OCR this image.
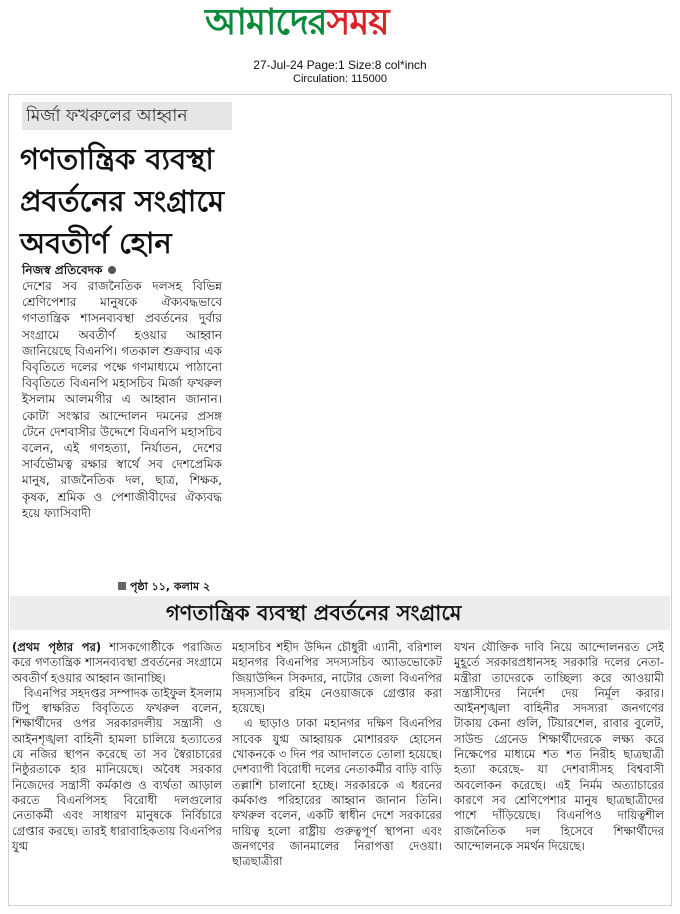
আমাদেরসময়
27-Jul-24 Page:1 Size:8 col*inch
Circulation: 115000
মির্জা ফখরুলের আহ্বান
গণতান্ত্রিক ব্যবস্থা
প্রবর্তনের সংগ্রামে
অবতীর্ণ হোন
নিজস্ব প্রতিবেদক
দেশের সব রাজনৈতিক দলসহ বিভিন্ন শ্রেণিপেশার মানুষকে ঐক্যবদ্ধভাবে গণতান্ত্রিক শাসনব্যবস্থা প্রবর্তনের দুর্বার সংগ্রামে অবতীর্ণ হওয়ার আহ্বান জানিয়েছে বিএনপি। গতকাল শুক্রবার এক বিবৃতিতে দলের পক্ষে গণমাধ্যমে পাঠানো বিবৃতিতে বিএনপি মহাসচিব মির্জা ফখরুল ইসলাম আলমগীর এ আহ্বান জানান। কোটা সংস্কার আন্দোলন দমনের প্রসঙ্গ টেনে দেশবাসীর উদ্দেশে বিএনপি মহাসচিব বলেন, এই গণহত্যা, নির্যাতন, দেশের সার্বভৌমত্ব রক্ষার স্বার্থে সব দেশপ্রেমিক মানুষ, রাজনৈতিক দল, ছাত্র, শিক্ষক, কৃষক, শ্রমিক ও পেশাজীবীদের ঐক্যবদ্ধ হয়ে ফ্যাসিবাদী
পৃষ্ঠা ১১, কলাম ২
গণতান্ত্রিক ব্যবস্থা প্রবর্তনের সংগ্রামে

(প্রথম পৃষ্ঠার পর) শাসকগোষ্ঠীকে পরাজিত করে গণতান্ত্রিক শাসনব্যবস্থা প্রবর্তনের সংগ্রামে অবতীর্ণ হওয়ার আহ্বান জানাচ্ছি।

বিএনপির সহদপ্তর সম্পাদক তাইফুল ইসলাম টিপু স্বাক্ষরিত বিবৃতিতে ফখরুল বলেন, শিক্ষার্থীদের ওপর সরকারদলীয় সন্ত্রাসী ও আইনশৃঙ্খলা বাহিনী হামলা চালিয়ে হত্যাতের যে নজির স্থাপন করেছে তা সব স্বৈরাচারের নিষ্ঠুরতাকে হার মানিয়েছে। অবৈধ সরকার নিজেদের সন্ত্রাসী কর্মকাণ্ড ও ব্যর্থতা আড়াল করতে বিএনপিসহ বিরোধী দলগুলোর নেতাকর্মী এবং সাধারণ মানুষকে নির্বিচারে গ্রেপ্তার করছে। তারই ধারাবাহিকতায় বিএনপির যুগ্ম

মহাসচিব শহীদ উদ্দিন চৌধুরী এ্যানী, বরিশাল মহানগর বিএনপির সদস্যসচিব অ্যাডভোকেট জিয়াউদ্দিন সিকদার, নাটোর জেলা বিএনপির সদস্যসচিব রহিম নেওয়াজকে গ্রেপ্তার করা হয়েছে।

এ ছাড়াও ঢাকা মহানগর দক্ষিণ বিএনপির সাবেক যুগ্ম আহ্বায়ক মোশাররফ হোসেন খোকনকে ৩ দিন পর আদালতে তোলা হয়েছে। দেশব্যাপী বিরোধী দলের নেতাকর্মীর বাড়ি বাড়ি তল্লাশি চালানো হচ্ছে। সরকারকে এ ধরনের কর্মকাণ্ড পরিহারের আহ্বান জানান তিনি। ফখরুল বলেন, একটি স্বাধীন দেশে সরকারের দায়িত্ব হলো রাষ্ট্রীয় গুরুত্বপূর্ণ স্থাপনা এবং জনগণের জানমালের নিরাপত্তা দেওয়া। ছাত্রছাত্রীরা

যখন যৌক্তিক দাবি নিয়ে আন্দোলনরত সেই মুহূর্তে সরকারপ্রধানসহ সরকারি দলের নেতা-মন্ত্রীরা তাদেরকে তাচ্ছিল্য করে আওয়ামী সন্ত্রাসীদের নির্দেশ দেয় নির্মূল করার। আইনশৃঙ্খলা বাহিনীর সদস্যরা জনগণের টাকায় কেনা গুলি, টিয়ারশেল, রাবার বুলেট, সাউন্ড গ্রেনেড শিক্ষার্থীদেরকে লক্ষ্য করে নিক্ষেপের মাধ্যমে শত শত নিরীহ ছাত্রছাত্রী হত্যা করেছে- যা দেশবাসীসহ বিশ্ববাসী অবলোকন করেছে। এই নির্মম অত্যাচারের কারণে সব শ্রেণিপেশার মানুষ ছাত্রছাত্রীদের পাশে দাঁড়িয়েছে। বিএনপিও দায়িত্বশীল রাজনৈতিক দল হিসেবে শিক্ষার্থীদের আন্দোলনকে সমর্থন দিয়েছে।
